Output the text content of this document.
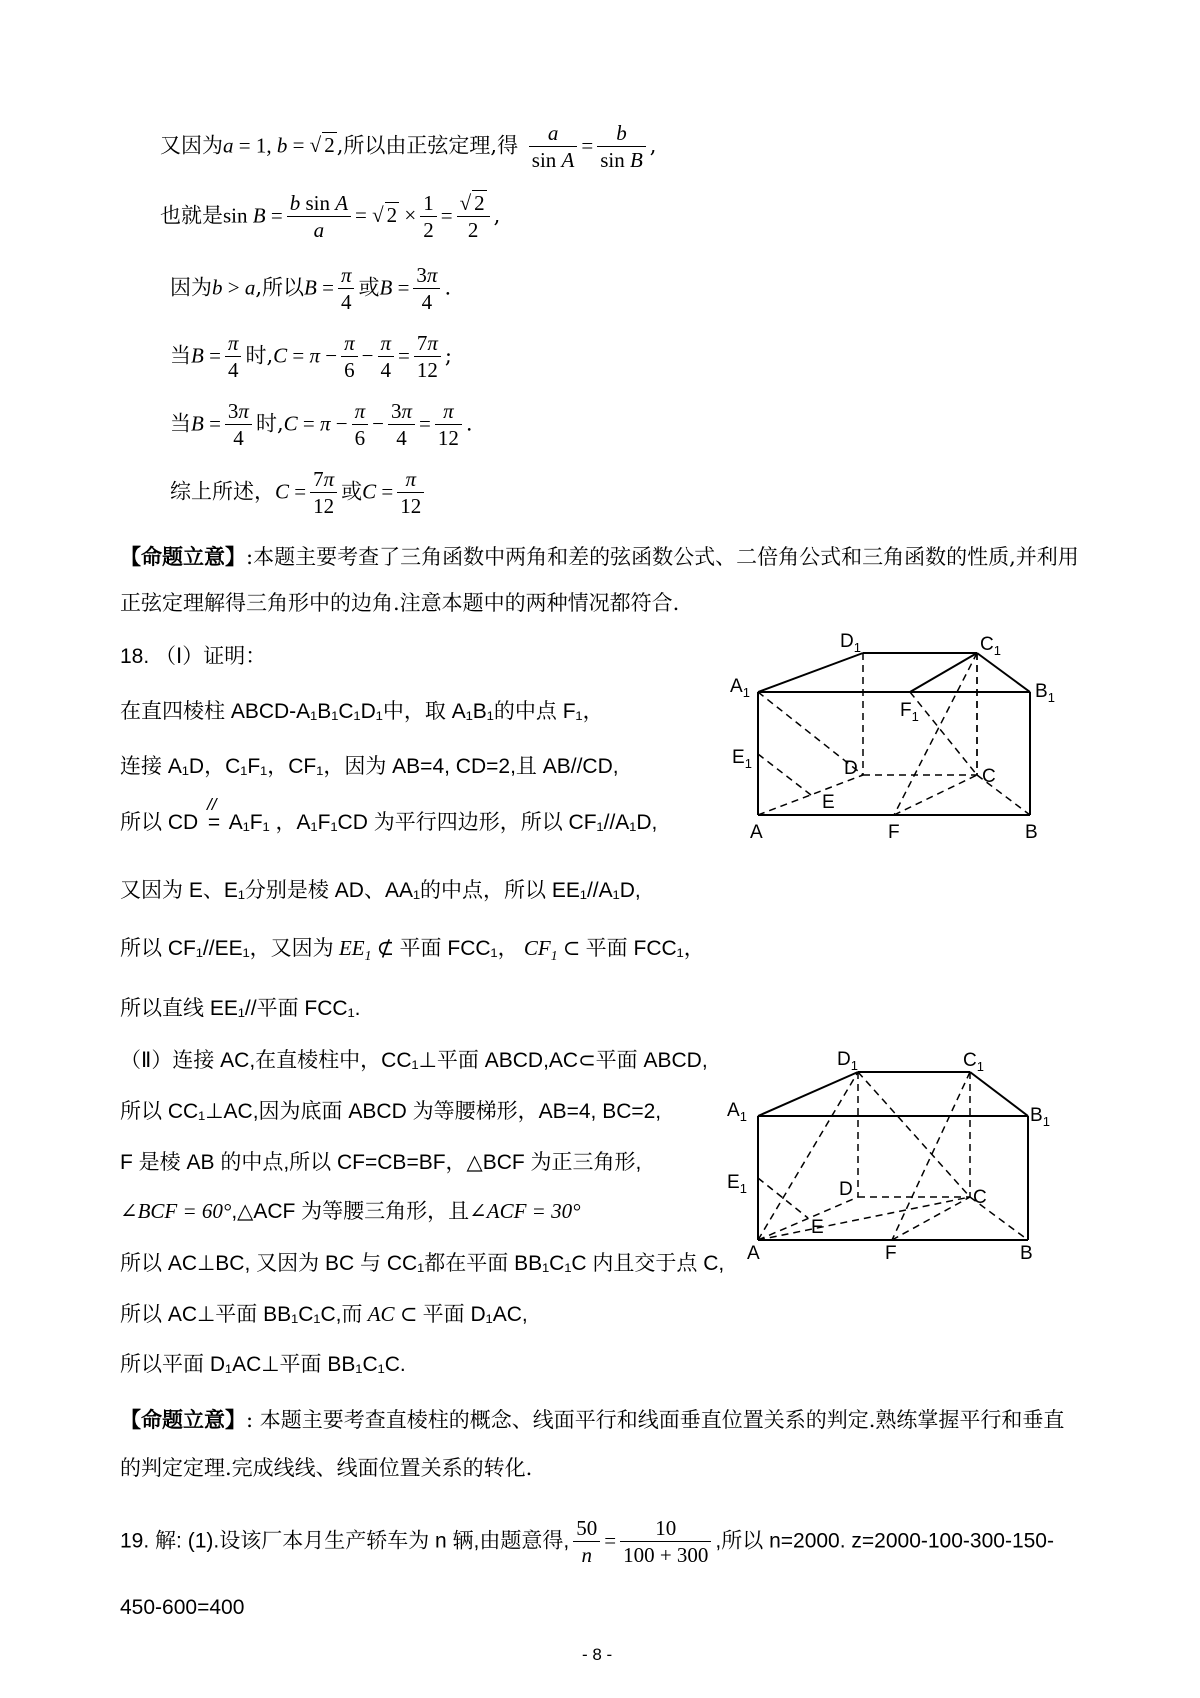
又因为a = 1, b = √ 2,所以由正弦定理,得 $\frac{a}{\text{sin A}} = \frac{b}{\text{sin B}}$ ,
也就是$\sin B = \frac{\text{b sin A}}{a}$ = √ $2 \times \frac{1}{2} = \frac{√ 2}{2}$ ,
因为b > a,所以$B = \frac{\pi}{4}$ 或$B = \frac{3\pi}{4}$ .
当$B = \frac{\pi}{4}$ 时$,C = \pi - \frac{\pi}{6} - \frac{\pi}{4} = \frac{7\pi}{12}$ ;
当$B = \frac{3\pi}{4}$ 时$,C = \pi - \frac{\pi}{6} - \frac{3\pi}{4} = \frac{\pi}{12}$ .
综上所述，$C = \frac{7\pi}{12}$ 或$C = \frac{\pi}{12}$
【命题立意】:本题主要考查了三角函数中两角和差的弦函数公式、二倍角公式和三角函数的性质,并利用
正弦定理解得三角形中的边角.注意本题中的两种情况都符合.
18. （Ⅰ）证明：
在直四棱柱 ABCD-A₁B₁C₁D₁中，取 A₁B₁的中点 F₁，
连接 A₁D，C₁F₁，CF₁，因为 AB=4, CD=2,且 AB//CD,
所以 CD
//
= A₁F₁ ，A₁F₁CD 为平行四边形，所以 CF₁//A₁D,
又因为 E、E₁分别是棱 AD、AA₁的中点，所以 EE₁//A₁D,
所以 CF₁//EE₁，又因为 $EE_1$ ⊄ 平面 FCC₁， $CF_1$ ⊂ 平面 FCC₁，
所以直线 EE₁//平面 FCC₁.
$D_1$	$C_1$
$A_1$	$B_1$
$F_1$
$E_1$	D	C
E
A	F	B
（Ⅱ）连接 AC,在直棱柱中，CC₁⊥平面 ABCD,AC⊂平面 ABCD,
所以 CC₁⊥AC,因为底面 ABCD 为等腰梯形，AB=4, BC=2,
F 是棱 AB 的中点,所以 CF=CB=BF，△BCF 为正三角形,
∠BCF = 60°,△ACF 为等腰三角形，且∠ACF = 30°
所以 AC⊥BC, 又因为 BC 与 CC₁都在平面 BB₁C₁C 内且交于点 C,
所以 AC⊥平面 BB₁C₁C,而 AC ⊂ 平面 D₁AC,
所以平面 D₁AC⊥平面 BB₁C₁C.
$D_1$	$C_1$
$A_1$	$B_1$
$E_1$	D	C
E
A	F	B
【命题立意】: 本题主要考查直棱柱的概念、线面平行和线面垂直位置关系的判定.熟练掌握平行和垂直
的判定定理.完成线线、线面位置关系的转化.
19. 解: (1).设该厂本月生产轿车为 n 辆,由题意得, $\frac{50}{n} = \frac{10}{100 + 300}$ ,所以 n=2000. z=2000-100-300-150-
450-600=400
- 8 -
